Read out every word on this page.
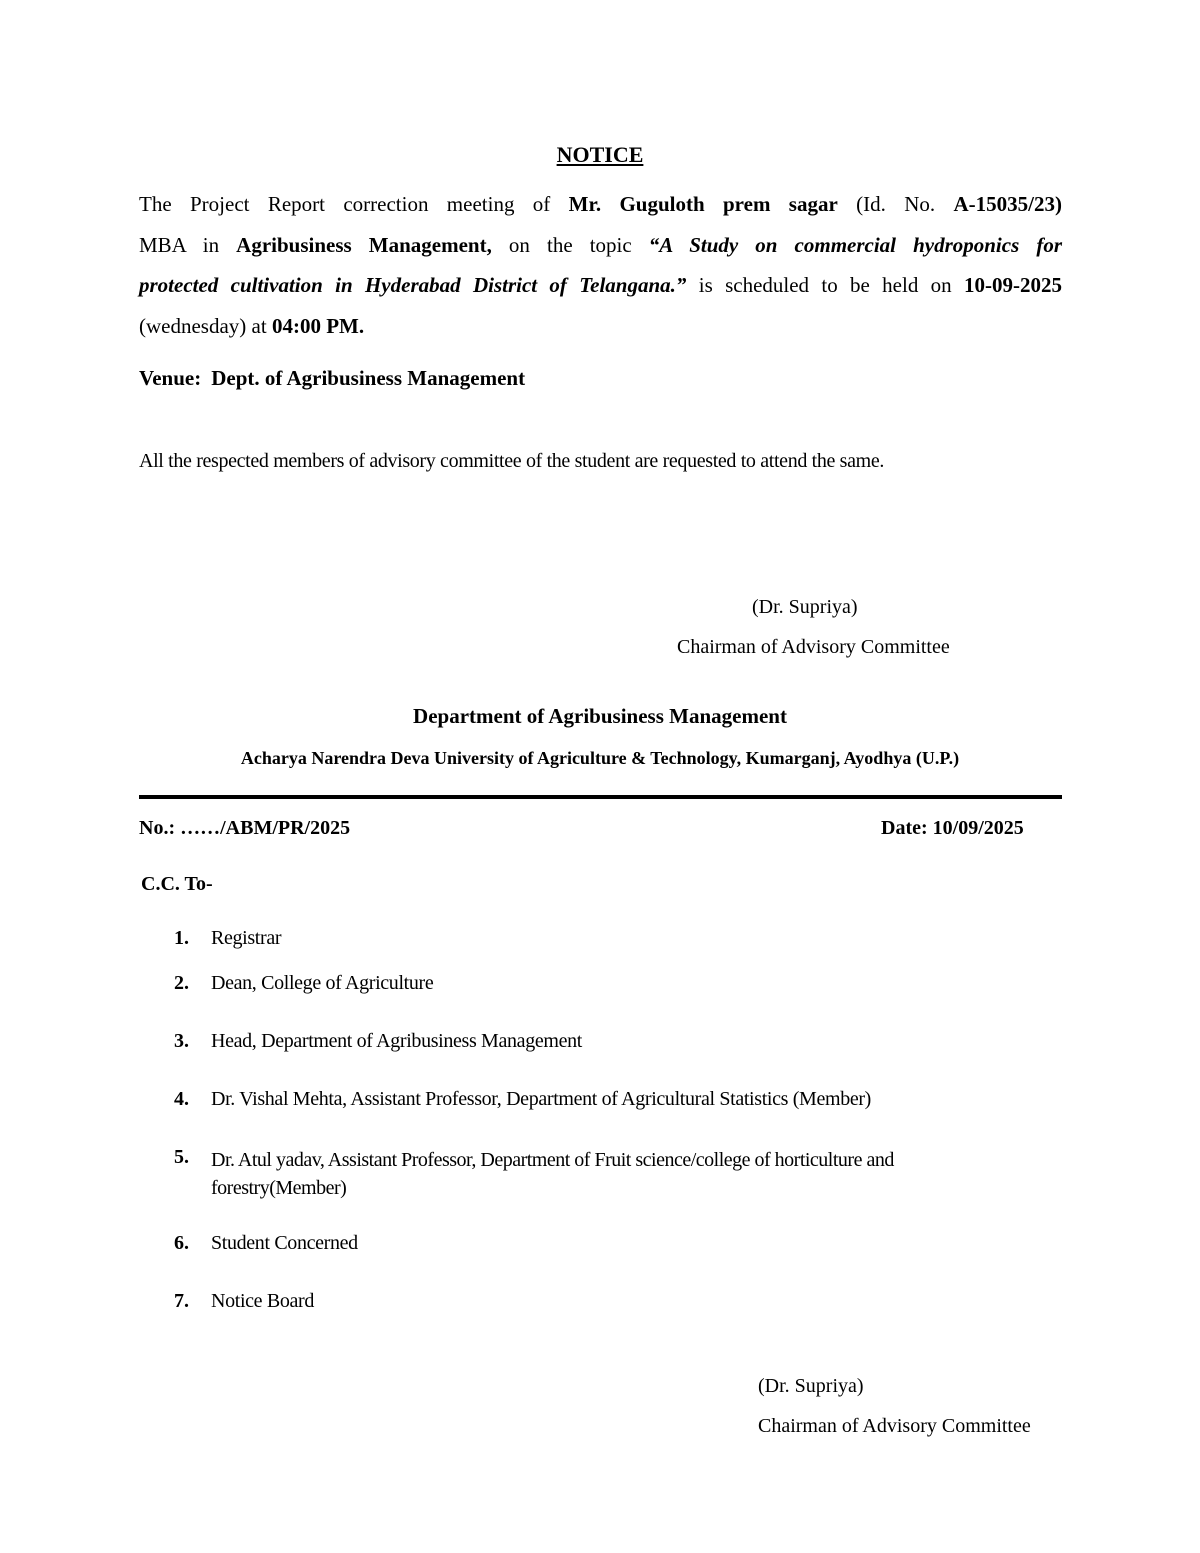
NOTICE
The Project Report correction meeting of Mr. Guguloth prem sagar (Id. No. A-15035/23)
MBA in Agribusiness Management, on the topic “A Study on commercial hydroponics for
protected cultivation in Hyderabad District of Telangana.” is scheduled to be held on 10-09-2025
(wednesday) at 04:00 PM.
Venue: Dept. of Agribusiness Management
All the respected members of advisory committee of the student are requested to attend the same.
(Dr. Supriya)
Chairman of Advisory Committee
Department of Agribusiness Management
Acharya Narendra Deva University of Agriculture & Technology, Kumarganj, Ayodhya (U.P.)
No.: ……/ABM/PR/2025	Date: 10/09/2025
C.C. To-
1. Registrar
2. Dean, College of Agriculture
3. Head, Department of Agribusiness Management
4. Dr. Vishal Mehta, Assistant Professor, Department of Agricultural Statistics (Member)
5. Dr. Atul yadav, Assistant Professor, Department of Fruit science/college of horticulture and forestry(Member)
6. Student Concerned
7. Notice Board
(Dr. Supriya)
Chairman of Advisory Committee
